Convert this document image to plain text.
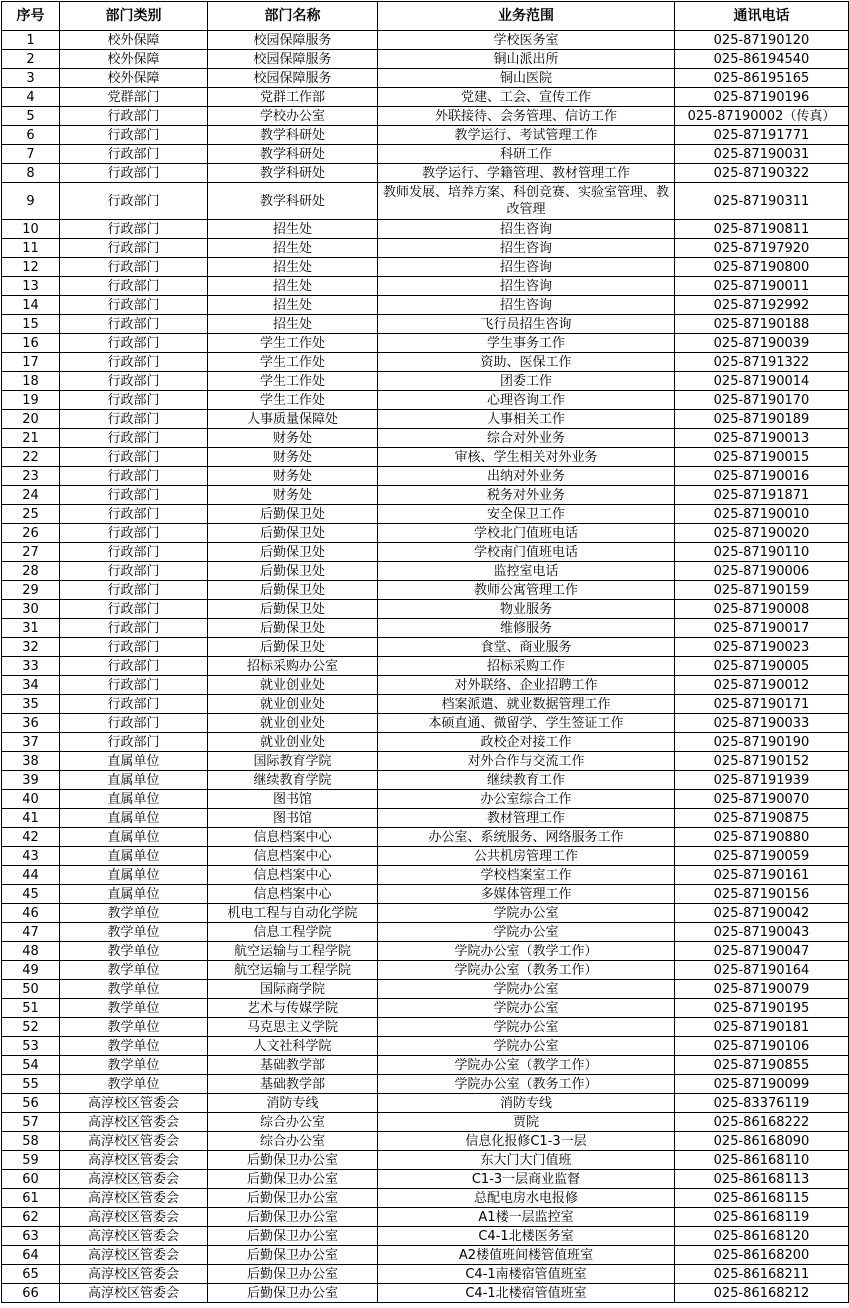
序号	部门类别	部门名称	业务范围	通讯电话
1	校外保障	校园保障服务	学校医务室	025-87190120
2	校外保障	校园保障服务	铜山派出所	025-86194540
3	校外保障	校园保障服务	铜山医院	025-86195165
4	党群部门	党群工作部	党建、工会、宣传工作	025-87190196
5	行政部门	学校办公室	外联接待、会务管理、信访工作	025-87190002（传真）
6	行政部门	教学科研处	教学运行、考试管理工作	025-87191771
7	行政部门	教学科研处	科研工作	025-87190031
8	行政部门	教学科研处	教学运行、学籍管理、教材管理工作	025-87190322
9	行政部门	教学科研处	教师发展、培养方案、科创竞赛、实验室管理、教改管理	025-87190311
10	行政部门	招生处	招生咨询	025-87190811
11	行政部门	招生处	招生咨询	025-87197920
12	行政部门	招生处	招生咨询	025-87190800
13	行政部门	招生处	招生咨询	025-87190011
14	行政部门	招生处	招生咨询	025-87192992
15	行政部门	招生处	飞行员招生咨询	025-87190188
16	行政部门	学生工作处	学生事务工作	025-87190039
17	行政部门	学生工作处	资助、医保工作	025-87191322
18	行政部门	学生工作处	团委工作	025-87190014
19	行政部门	学生工作处	心理咨询工作	025-87190170
20	行政部门	人事质量保障处	人事相关工作	025-87190189
21	行政部门	财务处	综合对外业务	025-87190013
22	行政部门	财务处	审核、学生相关对外业务	025-87190015
23	行政部门	财务处	出纳对外业务	025-87190016
24	行政部门	财务处	税务对外业务	025-87191871
25	行政部门	后勤保卫处	安全保卫工作	025-87190010
26	行政部门	后勤保卫处	学校北门值班电话	025-87190020
27	行政部门	后勤保卫处	学校南门值班电话	025-87190110
28	行政部门	后勤保卫处	监控室电话	025-87190006
29	行政部门	后勤保卫处	教师公寓管理工作	025-87190159
30	行政部门	后勤保卫处	物业服务	025-87190008
31	行政部门	后勤保卫处	维修服务	025-87190017
32	行政部门	后勤保卫处	食堂、商业服务	025-87190023
33	行政部门	招标采购办公室	招标采购工作	025-87190005
34	行政部门	就业创业处	对外联络、企业招聘工作	025-87190012
35	行政部门	就业创业处	档案派遣、就业数据管理工作	025-87190171
36	行政部门	就业创业处	本硕直通、微留学、学生签证工作	025-87190033
37	行政部门	就业创业处	政校企对接工作	025-87190190
38	直属单位	国际教育学院	对外合作与交流工作	025-87190152
39	直属单位	继续教育学院	继续教育工作	025-87191939
40	直属单位	图书馆	办公室综合工作	025-87190070
41	直属单位	图书馆	教材管理工作	025-87190875
42	直属单位	信息档案中心	办公室、系统服务、网络服务工作	025-87190880
43	直属单位	信息档案中心	公共机房管理工作	025-87190059
44	直属单位	信息档案中心	学校档案室工作	025-87190161
45	直属单位	信息档案中心	多媒体管理工作	025-87190156
46	教学单位	机电工程与自动化学院	学院办公室	025-87190042
47	教学单位	信息工程学院	学院办公室	025-87190043
48	教学单位	航空运输与工程学院	学院办公室（教学工作）	025-87190047
49	教学单位	航空运输与工程学院	学院办公室（教务工作）	025-87190164
50	教学单位	国际商学院	学院办公室	025-87190079
51	教学单位	艺术与传媒学院	学院办公室	025-87190195
52	教学单位	马克思主义学院	学院办公室	025-87190181
53	教学单位	人文社科学院	学院办公室	025-87190106
54	教学单位	基础教学部	学院办公室（教学工作）	025-87190855
55	教学单位	基础教学部	学院办公室（教务工作）	025-87190099
56	高淳校区管委会	消防专线	消防专线	025-83376119
57	高淳校区管委会	综合办公室	贾院	025-86168222
58	高淳校区管委会	综合办公室	信息化报修C1-3一层	025-86168090
59	高淳校区管委会	后勤保卫办公室	东大门大门值班	025-86168110
60	高淳校区管委会	后勤保卫办公室	C1-3一层商业监督	025-86168113
61	高淳校区管委会	后勤保卫办公室	总配电房水电报修	025-86168115
62	高淳校区管委会	后勤保卫办公室	A1楼一层监控室	025-86168119
63	高淳校区管委会	后勤保卫办公室	C4-1北楼医务室	025-86168120
64	高淳校区管委会	后勤保卫办公室	A2楼值班间楼管值班室	025-86168200
65	高淳校区管委会	后勤保卫办公室	C4-1南楼宿管值班室	025-86168211
66	高淳校区管委会	后勤保卫办公室	C4-1北楼宿管值班室	025-86168212
